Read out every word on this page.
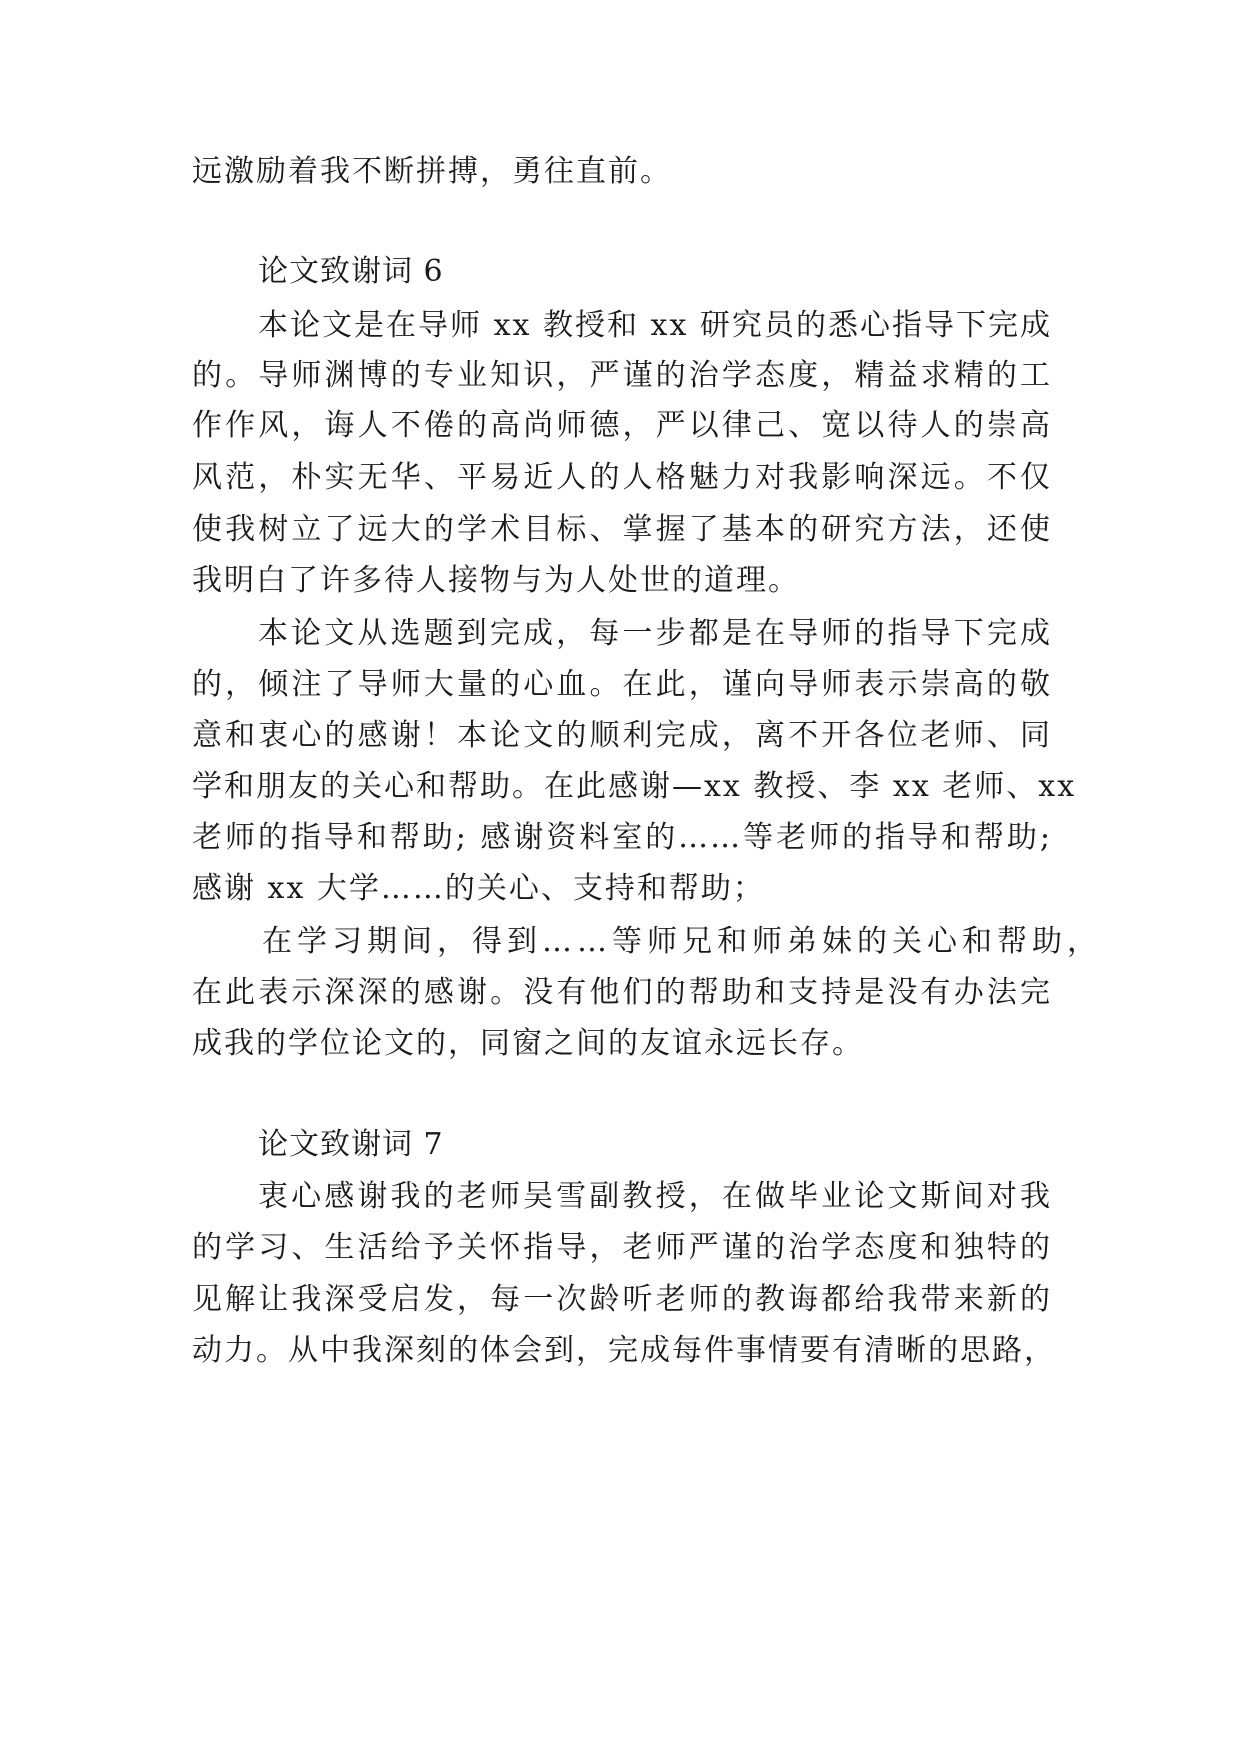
远激励着我不断拼搏，勇往直前。
论文致谢词 6
本论文是在导师 xx 教授和 xx 研究员的悉心指导下完成
的。导师渊博的专业知识，严谨的治学态度，精益求精的工
作作风，诲人不倦的高尚师德，严以律己、宽以待人的崇高
风范，朴实无华、平易近人的人格魅力对我影响深远。不仅
使我树立了远大的学术目标、掌握了基本的研究方法，还使
我明白了许多待人接物与为人处世的道理。
本论文从选题到完成，每一步都是在导师的指导下完成
的，倾注了导师大量的心血。在此，谨向导师表示崇高的敬
意和衷心的感谢！本论文的顺利完成，离不开各位老师、同
学和朋友的关心和帮助。在此感谢—xx 教授、李 xx 老师、xx
老师的指导和帮助; 感谢资料室的……等老师的指导和帮助;
感谢 xx 大学……的关心、支持和帮助；
在学习期间，得到……等师兄和师弟妹的关心和帮助，
在此表示深深的感谢。没有他们的帮助和支持是没有办法完
成我的学位论文的，同窗之间的友谊永远长存。
论文致谢词 7
衷心感谢我的老师吴雪副教授，在做毕业论文斯间对我
的学习、生活给予关怀指导，老师严谨的治学态度和独特的
见解让我深受启发，每一次龄听老师的教诲都给我带来新的
动力。从中我深刻的体会到，完成每件事情要有清晰的思路，
